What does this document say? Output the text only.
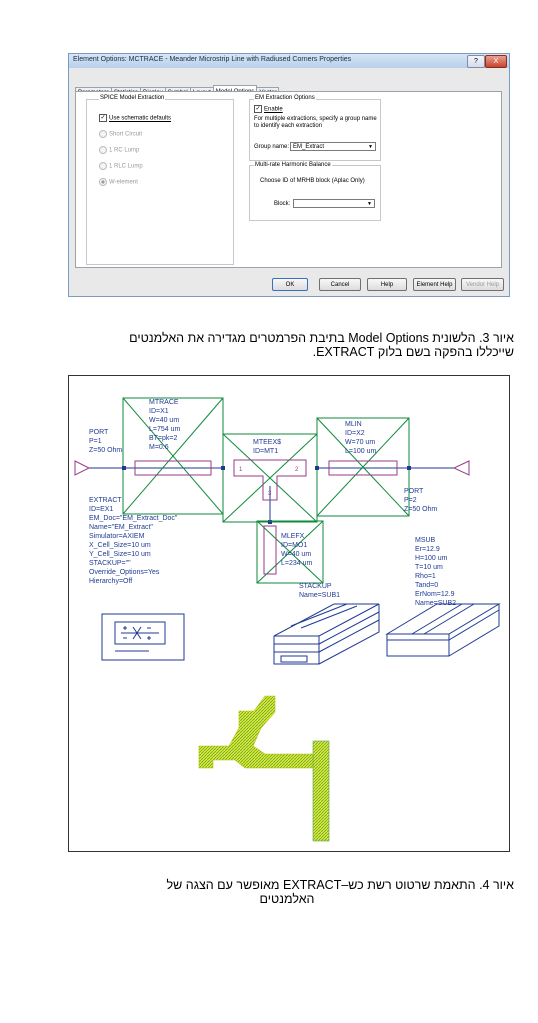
Element Options: MCTRACE - Meander Microstrip Line with Radiused Corners Properties	?	X
SPICE Model Extraction
✓ Use schematic defaults
Short Circuit
1 RC Lump
1 RLC Lump
W-element
EM Extraction Options
✓ Enable
For multiple extractions, specify a group name to identify each extraction
Group name: EM_Extract	▼
Multi-rate Harmonic Balance
Choose ID of MRHB block (Aplac Only)
Block:	▼
OK	Cancel	Help	Element Help	Vendor Help
איור 3. הלשונית Model Options בתיבת הפרמטרים מגדירה את האלמנטים
שייכללו בהפקה בשם בלוק EXTRACT.
MTRACE
ID=X1
W=40 um
L=754 um
BT=pk=2
M=0.6
PORT
P=1
Z=50 Ohm
MTEEX$
ID=MT1
1	2
3
MLIN
ID=X2
W=70 um
L=100 um
PORT
P=2
Z=50 Ohm
MLEFX
ID=MO1
W=40 um
L=234 um
EXTRACT
ID=EX1
EM_Doc="EM_Extract_Doc"
Name="EM_Extract"
Simulator=AXIEM
X_Cell_Size=10 um
Y_Cell_Size=10 um
STACKUP=""
Override_Options=Yes
Hierarchy=Off
MSUB
Er=12.9
H=100 um
T=10 um
Rho=1
Tand=0
ErNom=12.9
Name=SUB2
STACKUP
Name=SUB1
איור 4. התאמת שרטוט רשת כש–EXTRACT מאופשר עם הצגה של
האלמנטים
